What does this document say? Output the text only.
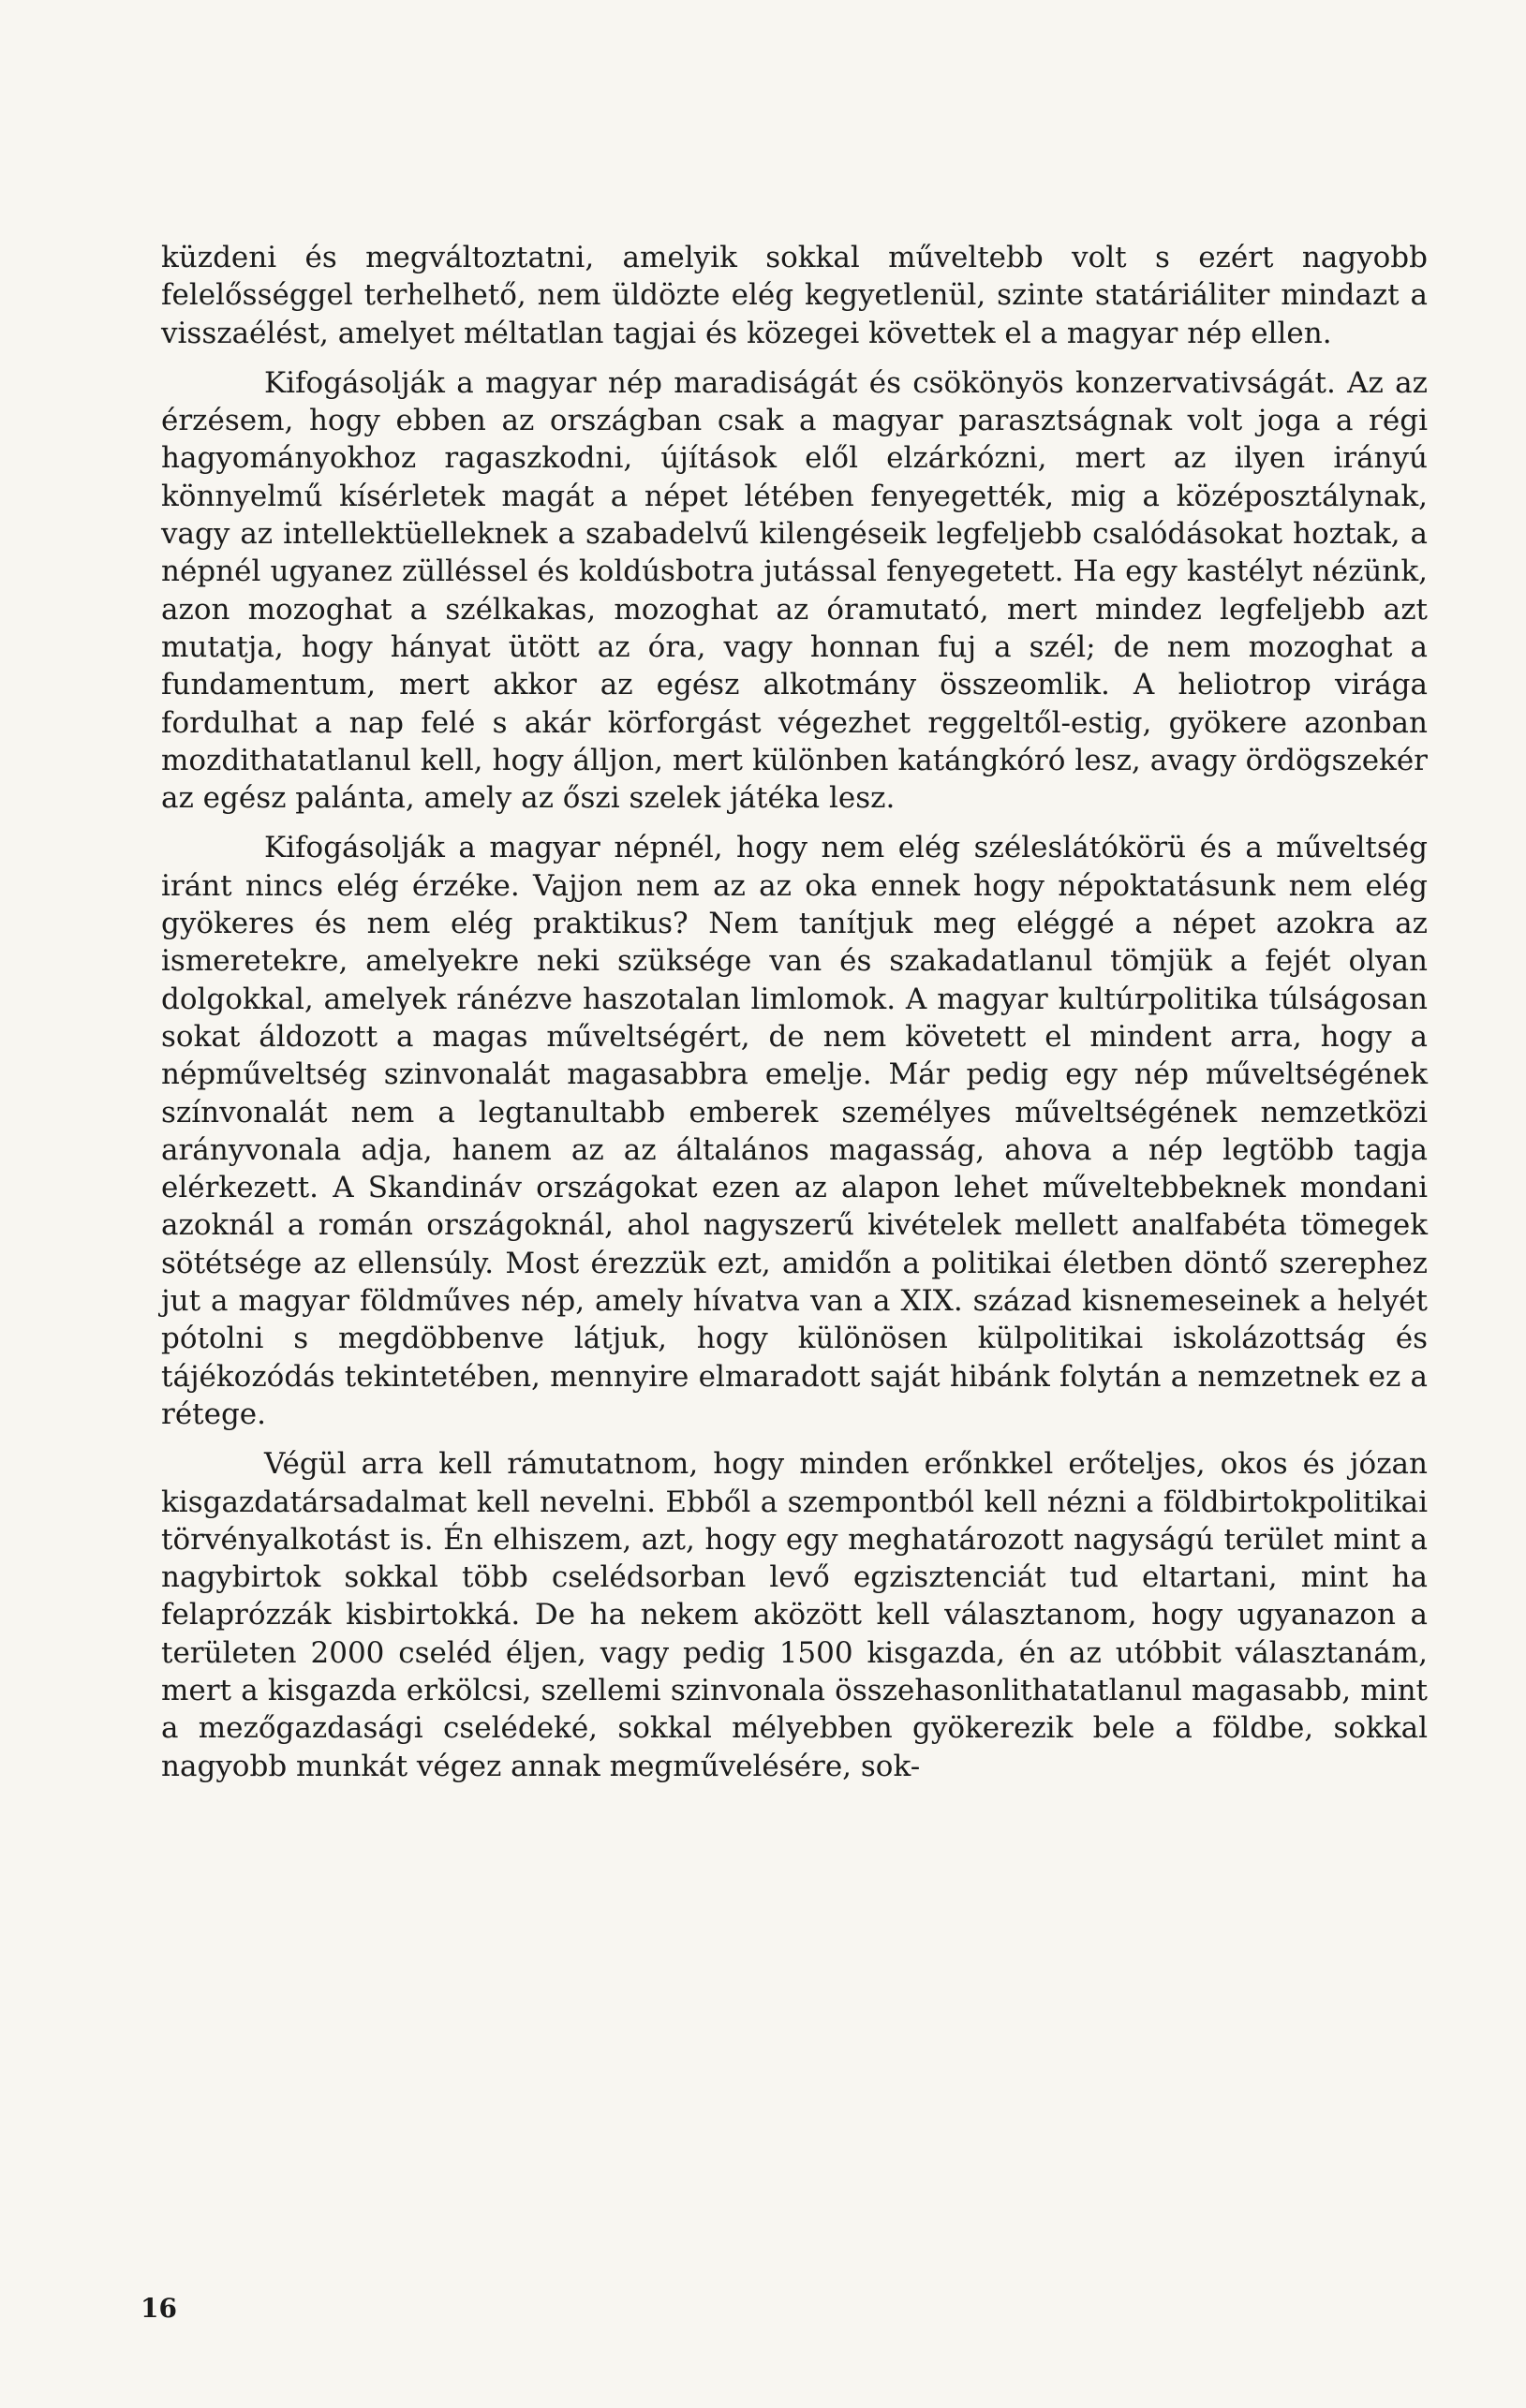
küzdeni és megváltoztatni, amelyik sokkal műveltebb volt s ezért nagyobb felelősséggel terhelhető, nem üldözte elég kegyetlenül, szinte statáriáliter mindazt a visszaélést, amelyet méltatlan tagjai és közegei követtek el a magyar nép ellen.

Kifogásolják a magyar nép maradiságát és csökönyös konzervativságát. Az az érzésem, hogy ebben az országban csak a magyar parasztságnak volt joga a régi hagyományokhoz ragaszkodni, újítások elől elzárkózni, mert az ilyen irányú könnyelmű kísérletek magát a népet létében fenyegették, mig a középosztálynak, vagy az intellektüelleknek a szabadelvű kilengéseik legfeljebb csalódásokat hoztak, a népnél ugyanez zülléssel és koldúsbotra jutással fenyegetett. Ha egy kastélyt nézünk, azon mozoghat a szélkakas, mozoghat az óramutató, mert mindez legfeljebb azt mutatja, hogy hányat ütött az óra, vagy honnan fuj a szél; de nem mozoghat a fundamentum, mert akkor az egész alkotmány összeomlik. A heliotrop virága fordulhat a nap felé s akár körforgást végezhet reggeltől-estig, gyökere azonban mozdithatatlanul kell, hogy álljon, mert különben katángkóró lesz, avagy ördögszekér az egész palánta, amely az őszi szelek játéka lesz.

Kifogásolják a magyar népnél, hogy nem elég széleslátókörü és a műveltség iránt nincs elég érzéke. Vajjon nem az az oka ennek hogy népoktatásunk nem elég gyökeres és nem elég praktikus? Nem tanítjuk meg eléggé a népet azokra az ismeretekre, amelyekre neki szüksége van és szakadatlanul tömjük a fejét olyan dolgokkal, amelyek ránézve haszotalan limlomok. A magyar kultúrpolitika túlságosan sokat áldozott a magas műveltségért, de nem követett el mindent arra, hogy a népműveltség szinvonalát magasabbra emelje. Már pedig egy nép műveltségének színvonalát nem a legtanultabb emberek személyes műveltségének nemzetközi arányvonala adja, hanem az az általános magasság, ahova a nép legtöbb tagja elérkezett. A Skandináv országokat ezen az alapon lehet műveltebbeknek mondani azoknál a román országoknál, ahol nagyszerű kivételek mellett analfabéta tömegek sötétsége az ellensúly. Most érezzük ezt, amidőn a politikai életben döntő szerephez jut a magyar földműves nép, amely hívatva van a XIX. század kisnemeseinek a helyét pótolni s megdöbbenve látjuk, hogy különösen külpolitikai iskolázottság és tájékozódás tekintetében, mennyire elmaradott saját hibánk folytán a nemzetnek ez a rétege.

Végül arra kell rámutatnom, hogy minden erőnkkel erőteljes, okos és józan kisgazdatársadalmat kell nevelni. Ebből a szempontból kell nézni a földbirtokpolitikai törvényalkotást is. Én elhiszem, azt, hogy egy meghatározott nagyságú terület mint a nagybirtok sokkal több cselédsorban levő egzisztenciát tud eltartani, mint ha felaprózzák kisbirtokká. De ha nekem aközött kell választanom, hogy ugyanazon a területen 2000 cseléd éljen, vagy pedig 1500 kisgazda, én az utóbbit választanám, mert a kisgazda erkölcsi, szellemi szinvonala összehasonlithatatlanul magasabb, mint a mezőgazdasági cselédeké, sokkal mélyebben gyökerezik bele a földbe, sokkal nagyobb munkát végez annak megművelésére, sok-

16
